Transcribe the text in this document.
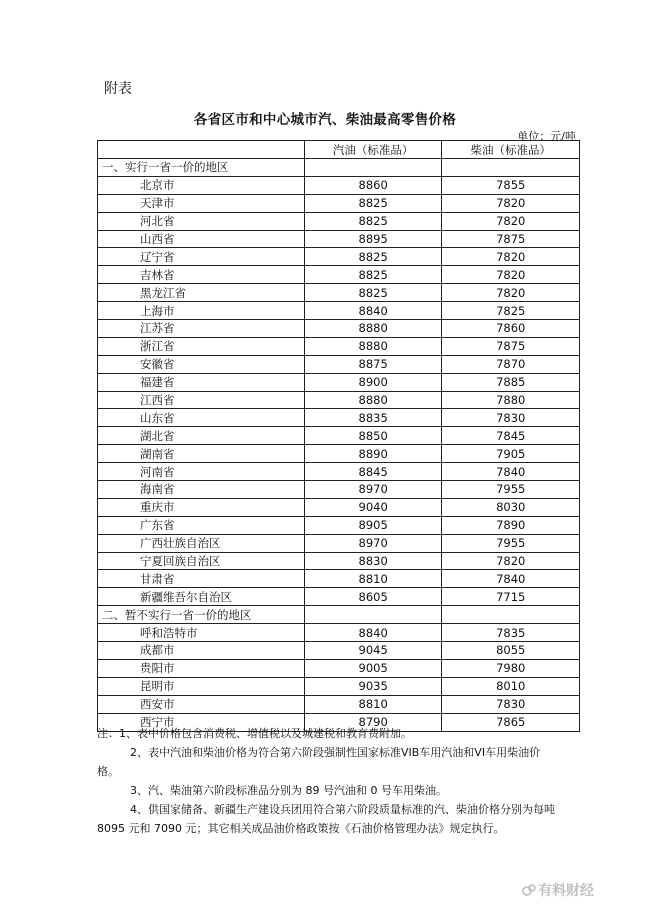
附表
各省区市和中心城市汽、柴油最高零售价格
单位：元/吨
	汽油（标准品）	柴油（标准品）
一、实行一省一价的地区		
北京市	8860	7855
天津市	8825	7820
河北省	8825	7820
山西省	8895	7875
辽宁省	8825	7820
吉林省	8825	7820
黑龙江省	8825	7820
上海市	8840	7825
江苏省	8880	7860
浙江省	8880	7875
安徽省	8875	7870
福建省	8900	7885
江西省	8880	7880
山东省	8835	7830
湖北省	8850	7845
湖南省	8890	7905
河南省	8845	7840
海南省	8970	7955
重庆市	9040	8030
广东省	8905	7890
广西壮族自治区	8970	7955
宁夏回族自治区	8830	7820
甘肃省	8810	7840
新疆维吾尔自治区	8605	7715
二、暂不实行一省一价的地区		
呼和浩特市	8840	7835
成都市	9045	8055
贵阳市	9005	7980
昆明市	9035	8010
西安市	8810	7830
西宁市	8790	7865

注：1、表中价格包含消费税、增值税以及城建税和教育费附加。

2、表中汽油和柴油价格为符合第六阶段强制性国家标准VIB车用汽油和VI车用柴油价

格。

3、汽、柴油第六阶段标准品分别为 89 号汽油和 0 号车用柴油。

4、供国家储备、新疆生产建设兵团用符合第六阶段质量标准的汽、柴油价格分别为每吨

8095 元和 7090 元；其它相关成品油价格政策按《石油价格管理办法》规定执行。

有料财经
